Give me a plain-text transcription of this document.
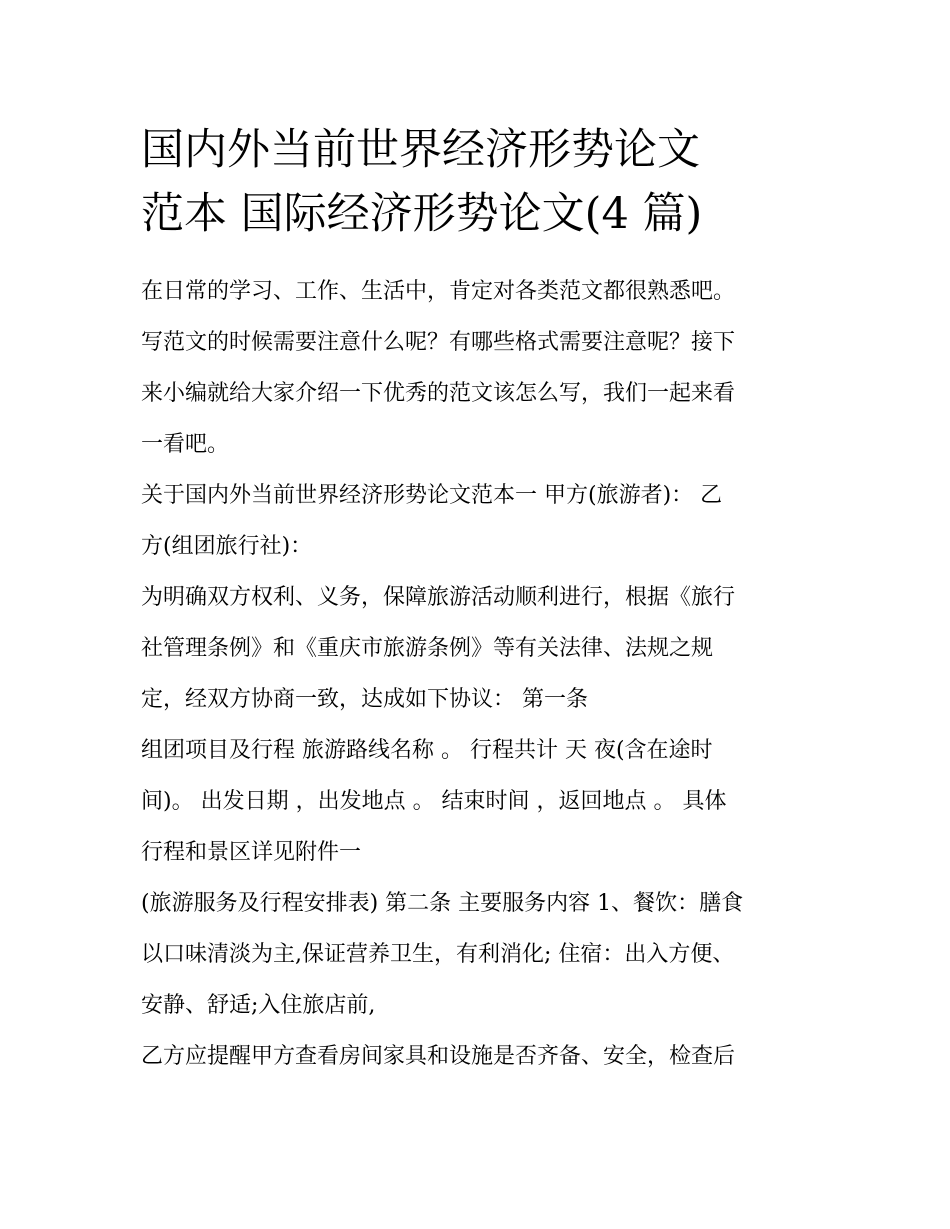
国内外当前世界经济形势论文
范本 国际经济形势论文(4 篇)

在日常的学习、工作、生活中，肯定对各类范文都很熟悉吧。
写范文的时候需要注意什么呢？有哪些格式需要注意呢？接下
来小编就给大家介绍一下优秀的范文该怎么写，我们一起来看
一看吧。

关于国内外当前世界经济形势论文范本一 甲方(旅游者)： 乙
方(组团旅行社)：

为明确双方权利、义务，保障旅游活动顺利进行，根据《旅行
社管理条例》和《重庆市旅游条例》等有关法律、法规之规
定，经双方协商一致，达成如下协议： 第一条

组团项目及行程 旅游路线名称 。 行程共计 天 夜(含在途时
间)。 出发日期 ，出发地点 。 结束时间 ，返回地点 。 具体
行程和景区详见附件一

(旅游服务及行程安排表) 第二条 主要服务内容 1、餐饮：膳食
以口味清淡为主,保证营养卫生，有利消化; 住宿：出入方便、
安静、舒适;入住旅店前,

乙方应提醒甲方查看房间家具和设施是否齐备、安全，检查后
